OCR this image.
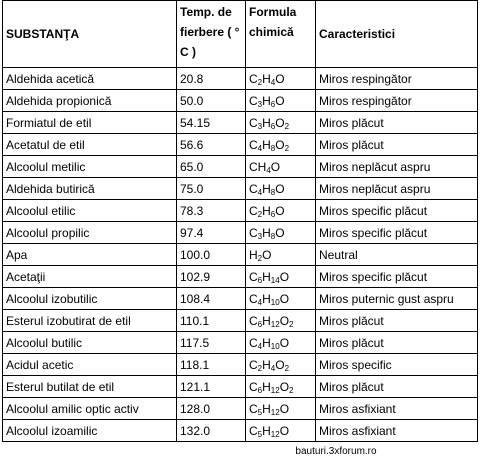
SUBSTANŢA	Temp. de fierbere ( ° C )	Formula chimică	Caracteristici
Aldehida acetică	20.8	$C_2H_4O$	Miros respingător
Aldehida propionică	50.0	$C_3H_6O$	Miros respingător
Formiatul de etil	54.15	$C_3H_6O_2$	Miros plăcut
Acetatul de etil	56.6	$C_4H_8O_2$	Miros plăcut
Alcoolul metilic	65.0	$CH_4O$	Miros neplăcut aspru
Aldehida butirică	75.0	$C_4H_8O$	Miros neplăcut aspru
Alcoolul etilic	78.3	$C_2H_6O$	Miros specific plăcut
Alcoolul propilic	97.4	$C_3H_8O$	Miros specific plăcut
Apa	100.0	$H_2O$	Neutral
Acetaţii	102.9	$C_6H_{14}O$	Miros specific plăcut
Alcoolul izobutilic	108.4	$C_4H_{10}O$	Miros puternic gust aspru
Esterul izobutirat de etil	110.1	$C_6H_{12}O_2$	Miros plăcut
Alcoolul butilic	117.5	$C_4H_{10}O$	Miros plăcut
Acidul acetic	118.1	$C_2H_4O_2$	Miros specific
Esterul butilat de etil	121.1	$C_6H_{12}O_2$	Miros plăcut
Alcoolul amilic optic activ	128.0	$C_5H_{12}O$	Miros asfixiant
Alcoolul izoamilic	132.0	$C_5H_{12}O$	Miros asfixiant
bauturi.3xforum.ro
